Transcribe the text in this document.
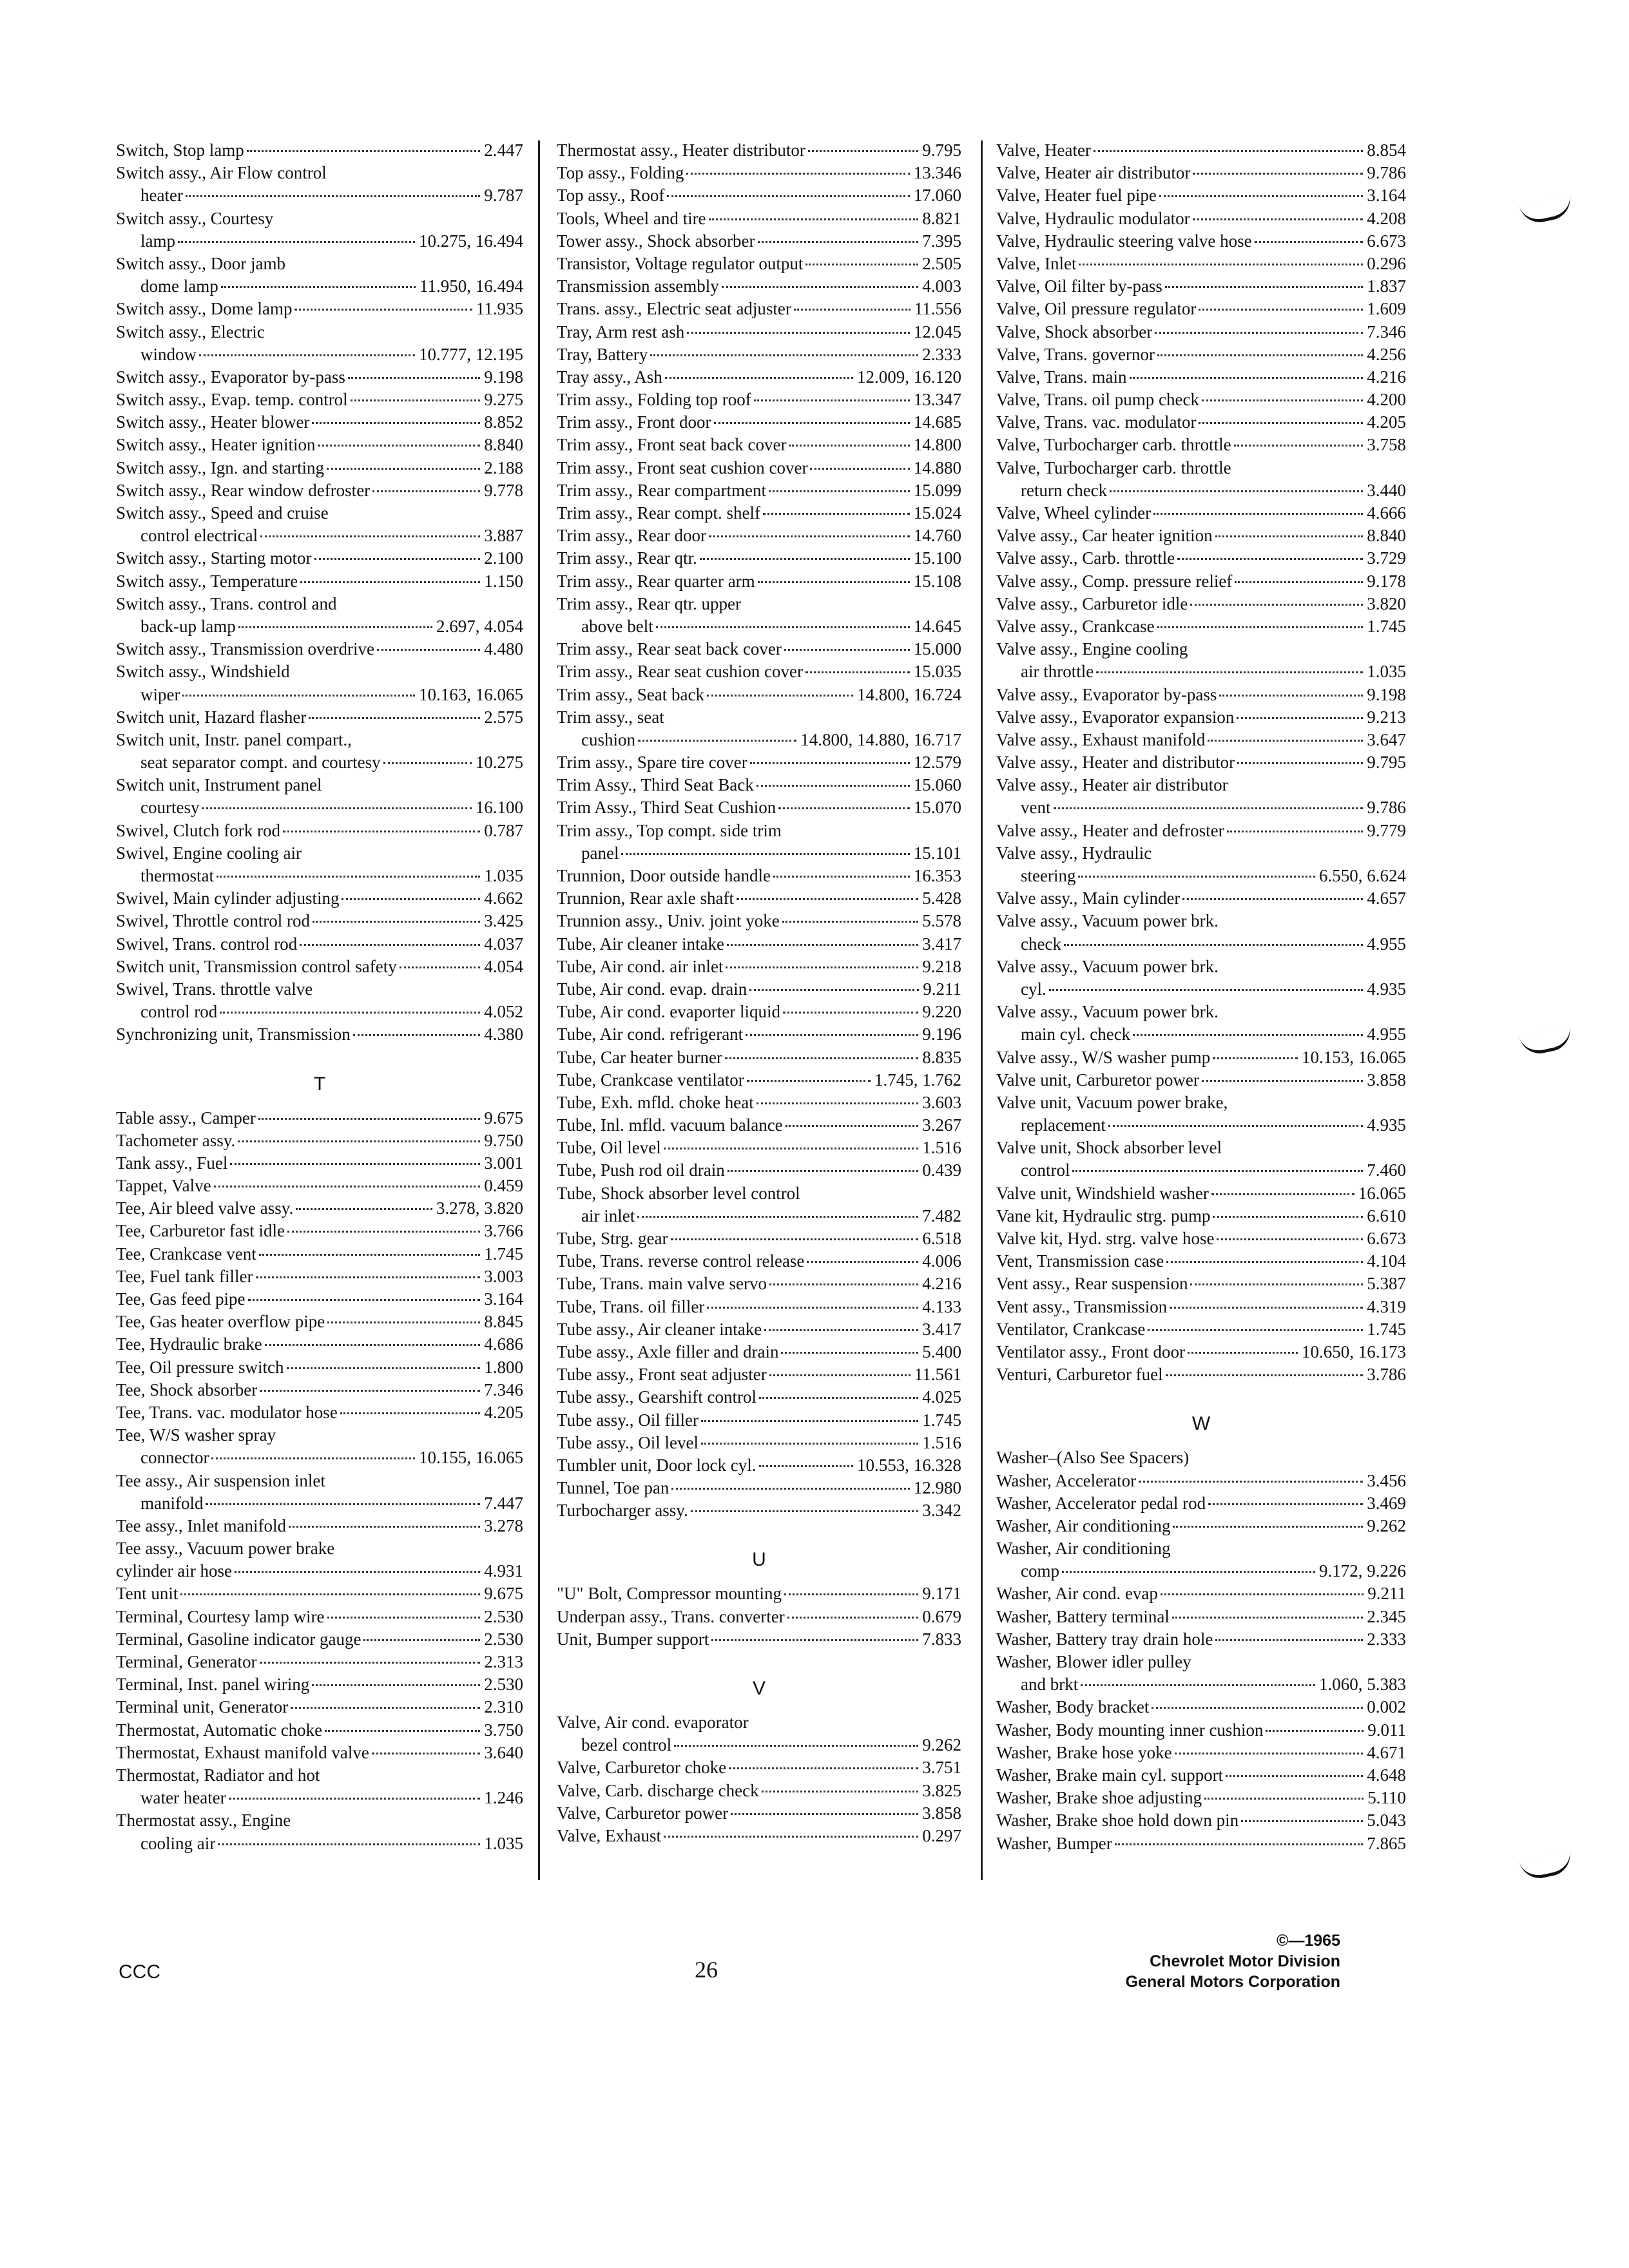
Switch, Stop lamp	2.447
Switch assy., Air Flow control
heater	9.787
Switch assy., Courtesy
lamp	10.275, 16.494
Switch assy., Door jamb
dome lamp	11.950, 16.494
Switch assy., Dome lamp	11.935
Switch assy., Electric
window	10.777, 12.195
Switch assy., Evaporator by-pass	9.198
Switch assy., Evap. temp. control	9.275
Switch assy., Heater blower	8.852
Switch assy., Heater ignition	8.840
Switch assy., Ign. and starting	2.188
Switch assy., Rear window defroster	9.778
Switch assy., Speed and cruise
control electrical	3.887
Switch assy., Starting motor	2.100
Switch assy., Temperature	1.150
Switch assy., Trans. control and
back-up lamp	2.697, 4.054
Switch assy., Transmission overdrive	4.480
Switch assy., Windshield
wiper	10.163, 16.065
Switch unit, Hazard flasher	2.575
Switch unit, Instr. panel compart.,
seat separator compt. and courtesy	10.275
Switch unit, Instrument panel
courtesy	16.100
Swivel, Clutch fork rod	0.787
Swivel, Engine cooling air
thermostat	1.035
Swivel, Main cylinder adjusting	4.662
Swivel, Throttle control rod	3.425
Swivel, Trans. control rod	4.037
Switch unit, Transmission control safety	4.054
Swivel, Trans. throttle valve
control rod	4.052
Synchronizing unit, Transmission	4.380
T
Table assy., Camper	9.675
Tachometer assy.	9.750
Tank assy., Fuel	3.001
Tappet, Valve	0.459
Tee, Air bleed valve assy.	3.278, 3.820
Tee, Carburetor fast idle	3.766
Tee, Crankcase vent	1.745
Tee, Fuel tank filler	3.003
Tee, Gas feed pipe	3.164
Tee, Gas heater overflow pipe	8.845
Tee, Hydraulic brake	4.686
Tee, Oil pressure switch	1.800
Tee, Shock absorber	7.346
Tee, Trans. vac. modulator hose	4.205
Tee, W/S washer spray
connector	10.155, 16.065
Tee assy., Air suspension inlet
manifold	7.447
Tee assy., Inlet manifold	3.278
Tee assy., Vacuum power brake
cylinder air hose	4.931
Tent unit	9.675
Terminal, Courtesy lamp wire	2.530
Terminal, Gasoline indicator gauge	2.530
Terminal, Generator	2.313
Terminal, Inst. panel wiring	2.530
Terminal unit, Generator	2.310
Thermostat, Automatic choke	3.750
Thermostat, Exhaust manifold valve	3.640
Thermostat, Radiator and hot
water heater	1.246
Thermostat assy., Engine
cooling air	1.035
Thermostat assy., Heater distributor	9.795
Top assy., Folding	13.346
Top assy., Roof	17.060
Tools, Wheel and tire	8.821
Tower assy., Shock absorber	7.395
Transistor, Voltage regulator output	2.505
Transmission assembly	4.003
Trans. assy., Electric seat adjuster	11.556
Tray, Arm rest ash	12.045
Tray, Battery	2.333
Tray assy., Ash	12.009, 16.120
Trim assy., Folding top roof	13.347
Trim assy., Front door	14.685
Trim assy., Front seat back cover	14.800
Trim assy., Front seat cushion cover	14.880
Trim assy., Rear compartment	15.099
Trim assy., Rear compt. shelf	15.024
Trim assy., Rear door	14.760
Trim assy., Rear qtr.	15.100
Trim assy., Rear quarter arm	15.108
Trim assy., Rear qtr. upper
above belt	14.645
Trim assy., Rear seat back cover	15.000
Trim assy., Rear seat cushion cover	15.035
Trim assy., Seat back	14.800, 16.724
Trim assy., seat
cushion	14.800, 14.880, 16.717
Trim assy., Spare tire cover	12.579
Trim Assy., Third Seat Back	15.060
Trim Assy., Third Seat Cushion	15.070
Trim assy., Top compt. side trim
panel	15.101
Trunnion, Door outside handle	16.353
Trunnion, Rear axle shaft	5.428
Trunnion assy., Univ. joint yoke	5.578
Tube, Air cleaner intake	3.417
Tube, Air cond. air inlet	9.218
Tube, Air cond. evap. drain	9.211
Tube, Air cond. evaporter liquid	9.220
Tube, Air cond. refrigerant	9.196
Tube, Car heater burner	8.835
Tube, Crankcase ventilator	1.745, 1.762
Tube, Exh. mfld. choke heat	3.603
Tube, Inl. mfld. vacuum balance	3.267
Tube, Oil level	1.516
Tube, Push rod oil drain	0.439
Tube, Shock absorber level control
air inlet	7.482
Tube, Strg. gear	6.518
Tube, Trans. reverse control release	4.006
Tube, Trans. main valve servo	4.216
Tube, Trans. oil filler	4.133
Tube assy., Air cleaner intake	3.417
Tube assy., Axle filler and drain	5.400
Tube assy., Front seat adjuster	11.561
Tube assy., Gearshift control	4.025
Tube assy., Oil filler	1.745
Tube assy., Oil level	1.516
Tumbler unit, Door lock cyl.	10.553, 16.328
Tunnel, Toe pan	12.980
Turbocharger assy.	3.342
U
"U" Bolt, Compressor mounting	9.171
Underpan assy., Trans. converter	0.679
Unit, Bumper support	7.833
V
Valve, Air cond. evaporator
bezel control	9.262
Valve, Carburetor choke	3.751
Valve, Carb. discharge check	3.825
Valve, Carburetor power	3.858
Valve, Exhaust	0.297
Valve, Heater	8.854
Valve, Heater air distributor	9.786
Valve, Heater fuel pipe	3.164
Valve, Hydraulic modulator	4.208
Valve, Hydraulic steering valve hose	6.673
Valve, Inlet	0.296
Valve, Oil filter by-pass	1.837
Valve, Oil pressure regulator	1.609
Valve, Shock absorber	7.346
Valve, Trans. governor	4.256
Valve, Trans. main	4.216
Valve, Trans. oil pump check	4.200
Valve, Trans. vac. modulator	4.205
Valve, Turbocharger carb. throttle	3.758
Valve, Turbocharger carb. throttle
return check	3.440
Valve, Wheel cylinder	4.666
Valve assy., Car heater ignition	8.840
Valve assy., Carb. throttle	3.729
Valve assy., Comp. pressure relief	9.178
Valve assy., Carburetor idle	3.820
Valve assy., Crankcase	1.745
Valve assy., Engine cooling
air throttle	1.035
Valve assy., Evaporator by-pass	9.198
Valve assy., Evaporator expansion	9.213
Valve assy., Exhaust manifold	3.647
Valve assy., Heater and distributor	9.795
Valve assy., Heater air distributor
vent	9.786
Valve assy., Heater and defroster	9.779
Valve assy., Hydraulic
steering	6.550, 6.624
Valve assy., Main cylinder	4.657
Valve assy., Vacuum power brk.
check	4.955
Valve assy., Vacuum power brk.
cyl.	4.935
Valve assy., Vacuum power brk.
main cyl. check	4.955
Valve assy., W/S washer pump	10.153, 16.065
Valve unit, Carburetor power	3.858
Valve unit, Vacuum power brake,
replacement	4.935
Valve unit, Shock absorber level
control	7.460
Valve unit, Windshield washer	16.065
Vane kit, Hydraulic strg. pump	6.610
Valve kit, Hyd. strg. valve hose	6.673
Vent, Transmission case	4.104
Vent assy., Rear suspension	5.387
Vent assy., Transmission	4.319
Ventilator, Crankcase	1.745
Ventilator assy., Front door	10.650, 16.173
Venturi, Carburetor fuel	3.786
W
Washer–(Also See Spacers)
Washer, Accelerator	3.456
Washer, Accelerator pedal rod	3.469
Washer, Air conditioning	9.262
Washer, Air conditioning
comp	9.172, 9.226
Washer, Air cond. evap	9.211
Washer, Battery terminal	2.345
Washer, Battery tray drain hole	2.333
Washer, Blower idler pulley
and brkt	1.060, 5.383
Washer, Body bracket	0.002
Washer, Body mounting inner cushion	9.011
Washer, Brake hose yoke	4.671
Washer, Brake main cyl. support	4.648
Washer, Brake shoe adjusting	5.110
Washer, Brake shoe hold down pin	5.043
Washer, Bumper	7.865
CCC	26
©—1965
Chevrolet Motor Division
General Motors Corporation
